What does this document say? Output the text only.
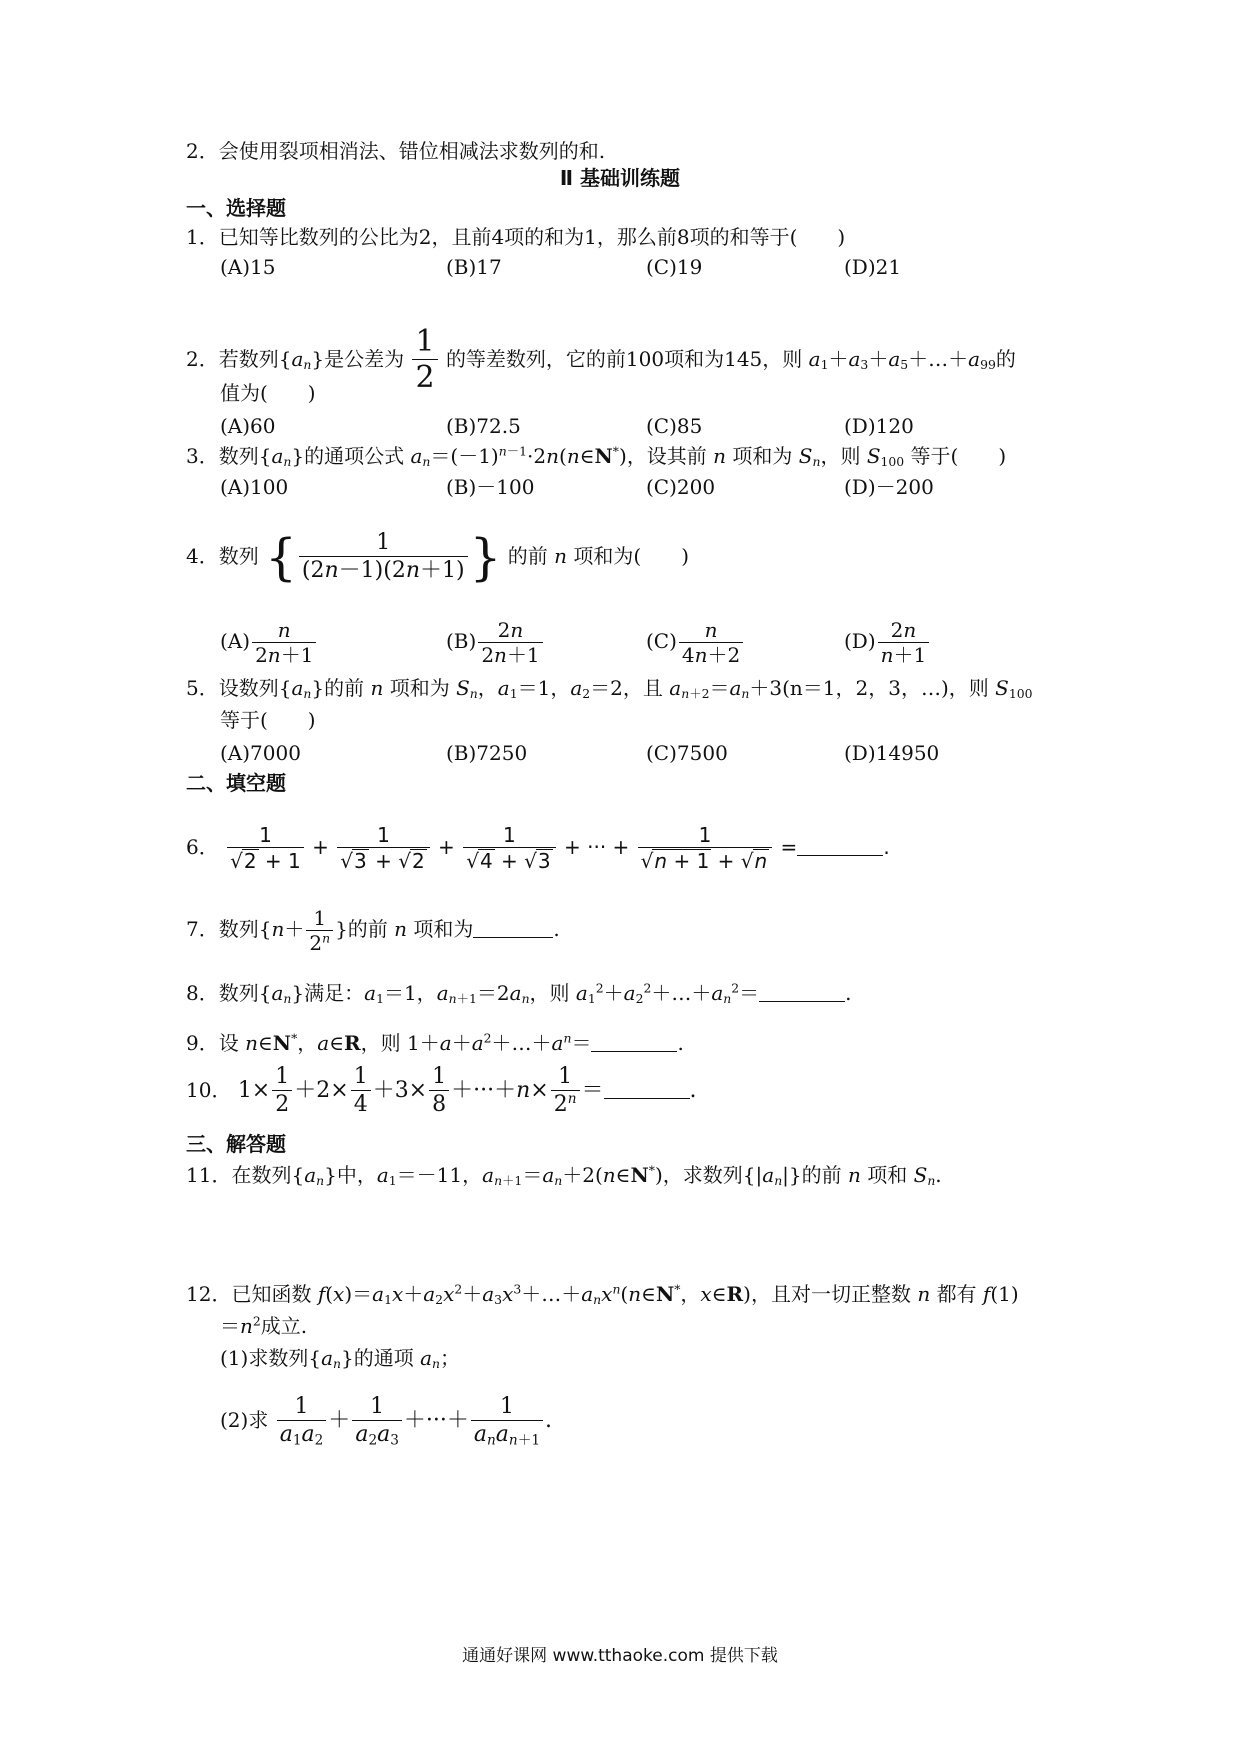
2．会使用裂项相消法、错位相减法求数列的和.
Ⅱ 基础训练题
一、选择题
1．已知等比数列的公比为2，且前4项的和为1，那么前8项的和等于(　　)
(A)15	(B)17	(C)19	(D)21
2．若数列$\{a_n\}$是公差为 $\frac{1}{2}$ 的等差数列，它的前100项和为145，则 $a_1+a_3+a_5+\dots+a_{99}$的
值为(　　)
(A)60	(B)72.5	(C)85	(D)120
3．数列$\{a_n\}$的通项公式 $a_n=(-1)^{n-1}\cdot 2n(n\in N^*)$，设其前 n 项和为 $S_n$，则 $S_{100}$ 等于(　　)
(A)100	(B)－100	(C)200	(D)－200
4．数列 { $\frac{1}{(2n-1)(2n+1)}$ } 的前 n 项和为(　　)
$(A) \frac{n}{2n+1}$	$(B) \frac{2n}{2n+1}$	$(C) \frac{n}{4n+2}$	$(D) \frac{2n}{n+1}$
5．设数列$\{a_n\}$的前 n 项和为 $S_n$，$a_1=1$，$a_2=2$，且 $a_{n+2}=a_n+3(n=1$，2，3，…)，则 $S_{100}$
等于(　　)
(A)7000	(B)7250	(C)7500	(D)14950
二、填空题
6． $\frac{1}{√2 + 1} + \frac{1}{√3 + √2} + \frac{1}{√4 + √3}$ + ··· + $\frac{1}{√n + 1 + √n}$ =	.
7．数列{$n+ \frac{1}{2^n}$ }的前 n 项和为	.
8．数列$\{a_n\}$满足：$a_1=1$，$a_{n+1}=2a_n$，则 $a_1^2+a_2^2+\dots+a_n^2=$	.
9．设 n∈N*，a∈R，则 $1+a+a^2+\dots+a^n=$	.
10． $1\times \frac{1}{2} +2\times \frac{1}{4} +3\times \frac{1}{8} +\cdot\cdot\cdot+n\times \frac{1}{2^n}$ ＝	.
三、解答题
11．在数列$\{a_n\}$中，$a_1=-11$，$a_{n+1}=a_n+2(n\in N^*)$，求数列$\{|a_n|\}$的前 n 项和 $S_n$.
12．已知函数 $f(x)=a_1x+a_2x^2+a_3x^3+\dots+a_nx^n(n\in N^*$，x∈R)，且对一切正整数 n 都有 f(1)
$=n^2$成立.
(1)求数列$\{a_n\}$的通项 $a_n$；
(2)求 $\frac{1}{a_1a_2} + \frac{1}{a_2a_3}$ ＋···＋ $\frac{1}{a_na_{n+1}}$ .
通通好课网 www.tthaoke.com 提供下载
